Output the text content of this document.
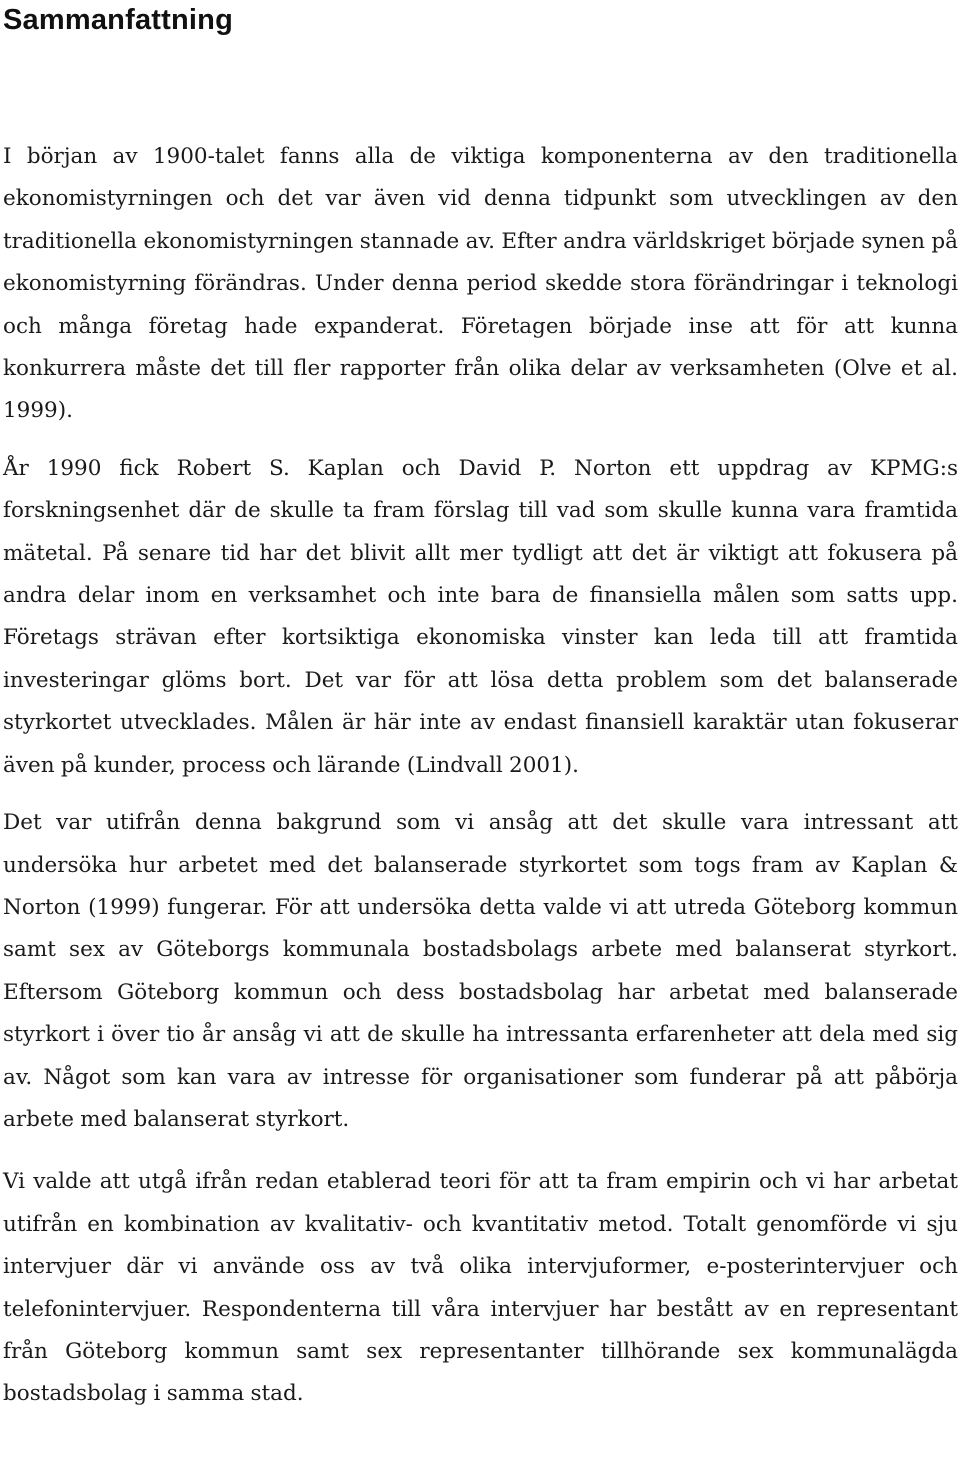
Sammanfattning

I början av 1900-talet fanns alla de viktiga komponenterna av den traditionella ekonomistyrningen och det var även vid denna tidpunkt som utvecklingen av den traditionella ekonomistyrningen stannade av. Efter andra världskriget började synen på ekonomistyrning förändras. Under denna period skedde stora förändringar i teknologi och många företag hade expanderat. Företagen började inse att för att kunna konkurrera måste det till fler rapporter från olika delar av verksamheten (Olve et al. 1999).

År 1990 fick Robert S. Kaplan och David P. Norton ett uppdrag av KPMG:s forskningsenhet där de skulle ta fram förslag till vad som skulle kunna vara framtida mätetal. På senare tid har det blivit allt mer tydligt att det är viktigt att fokusera på andra delar inom en verksamhet och inte bara de finansiella målen som satts upp. Företags strävan efter kortsiktiga ekonomiska vinster kan leda till att framtida investeringar glöms bort. Det var för att lösa detta problem som det balanserade styrkortet utvecklades. Målen är här inte av endast finansiell karaktär utan fokuserar även på kunder, process och lärande (Lindvall 2001).

Det var utifrån denna bakgrund som vi ansåg att det skulle vara intressant att undersöka hur arbetet med det balanserade styrkortet som togs fram av Kaplan & Norton (1999) fungerar. För att undersöka detta valde vi att utreda Göteborg kommun samt sex av Göteborgs kommunala bostadsbolags arbete med balanserat styrkort. Eftersom Göteborg kommun och dess bostadsbolag har arbetat med balanserade styrkort i över tio år ansåg vi att de skulle ha intressanta erfarenheter att dela med sig av. Något som kan vara av intresse för organisationer som funderar på att påbörja arbete med balanserat styrkort.

Vi valde att utgå ifrån redan etablerad teori för att ta fram empirin och vi har arbetat utifrån en kombination av kvalitativ- och kvantitativ metod. Totalt genomförde vi sju intervjuer där vi använde oss av två olika intervjuformer, e-posterintervjuer och telefonintervjuer. Respondenterna till våra intervjuer har bestått av en representant från Göteborg kommun samt sex representanter tillhörande sex kommunalägda bostadsbolag i samma stad.
